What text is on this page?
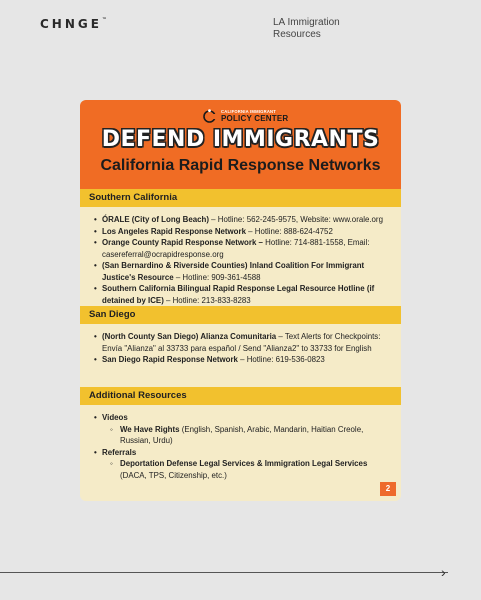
CHNGE™	LA Immigration
Resources
CALIFORNIA IMMIGRANT
POLICY CENTER
DEFEND IMMIGRANTS
California Rapid Response Networks
Southern California
• ÓRALE (City of Long Beach) – Hotline: 562-245-9575, Website: www.orale.org
• Los Angeles Rapid Response Network – Hotline: 888-624-4752
• Orange County Rapid Response Network – Hotline: 714-881-1558, Email: casereferral@ocrapidresponse.org
• (San Bernardino & Riverside Counties) Inland Coalition For Immigrant Justice's Resource – Hotline: 909-361-4588
• Southern California Bilingual Rapid Response Legal Resource Hotline (if detained by ICE) – Hotline: 213-833-8283
San Diego
• (North County San Diego) Alianza Comunitaria – Text Alerts for Checkpoints: Envía "Alianza" al 33733 para español / Send "Alianza2" to 33733 for English
• San Diego Rapid Response Network – Hotline: 619-536-0823
Additional Resources
• Videos
◦ We Have Rights (English, Spanish, Arabic, Mandarin, Haitian Creole, Russian, Urdu)
• Referrals
◦ Deportation Defense Legal Services & Immigration Legal Services (DACA, TPS, Citizenship, etc.)
2
›
